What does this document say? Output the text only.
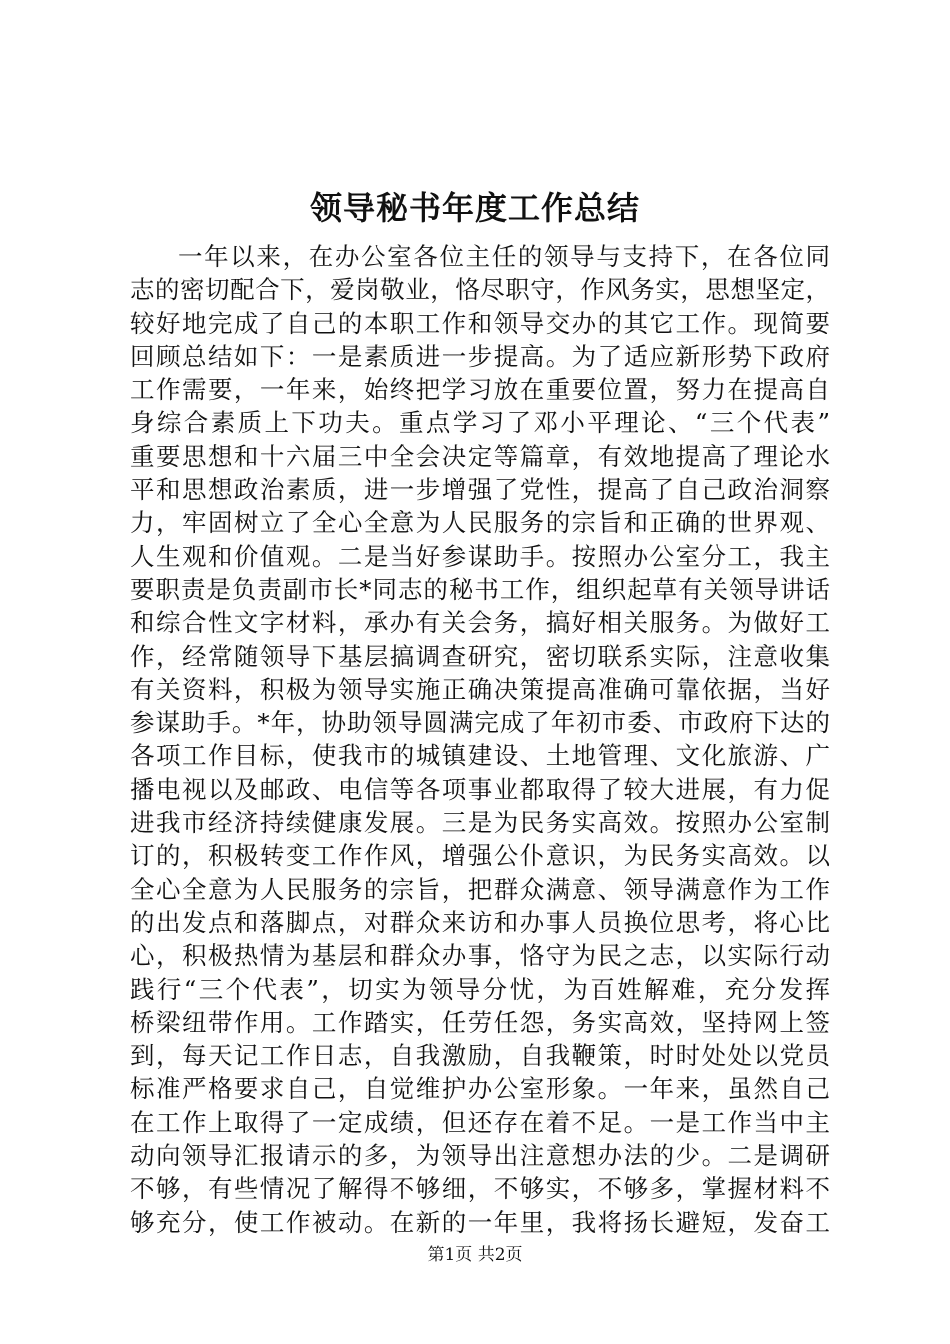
领导秘书年度工作总结
一年以来，在办公室各位主任的领导与支持下，在各位同
志的密切配合下，爱岗敬业，恪尽职守，作风务实，思想坚定，
较好地完成了自己的本职工作和领导交办的其它工作。现简要
回顾总结如下：一是素质进一步提高。为了适应新形势下政府
工作需要，一年来，始终把学习放在重要位置，努力在提高自
身综合素质上下功夫。重点学习了邓小平理论、“三个代表”
重要思想和十六届三中全会决定等篇章，有效地提高了理论水
平和思想政治素质，进一步增强了党性，提高了自己政治洞察
力，牢固树立了全心全意为人民服务的宗旨和正确的世界观、
人生观和价值观。二是当好参谋助手。按照办公室分工，我主
要职责是负责副市长*同志的秘书工作，组织起草有关领导讲话
和综合性文字材料，承办有关会务，搞好相关服务。为做好工
作，经常随领导下基层搞调查研究，密切联系实际，注意收集
有关资料，积极为领导实施正确决策提高准确可靠依据，当好
参谋助手。*年，协助领导圆满完成了年初市委、市政府下达的
各项工作目标，使我市的城镇建设、土地管理、文化旅游、广
播电视以及邮政、电信等各项事业都取得了较大进展，有力促
进我市经济持续健康发展。三是为民务实高效。按照办公室制
订的，积极转变工作作风，增强公仆意识，为民务实高效。以
全心全意为人民服务的宗旨，把群众满意、领导满意作为工作
的出发点和落脚点，对群众来访和办事人员换位思考，将心比
心，积极热情为基层和群众办事，恪守为民之志，以实际行动
践行“三个代表”，切实为领导分忧，为百姓解难，充分发挥
桥梁纽带作用。工作踏实，任劳任怨，务实高效，坚持网上签
到，每天记工作日志，自我激励，自我鞭策，时时处处以党员
标准严格要求自己，自觉维护办公室形象。一年来，虽然自己
在工作上取得了一定成绩，但还存在着不足。一是工作当中主
动向领导汇报请示的多，为领导出注意想办法的少。二是调研
不够，有些情况了解得不够细，不够实，不够多，掌握材料不
够充分，使工作被动。在新的一年里，我将扬长避短，发奋工
第1页 共2页
